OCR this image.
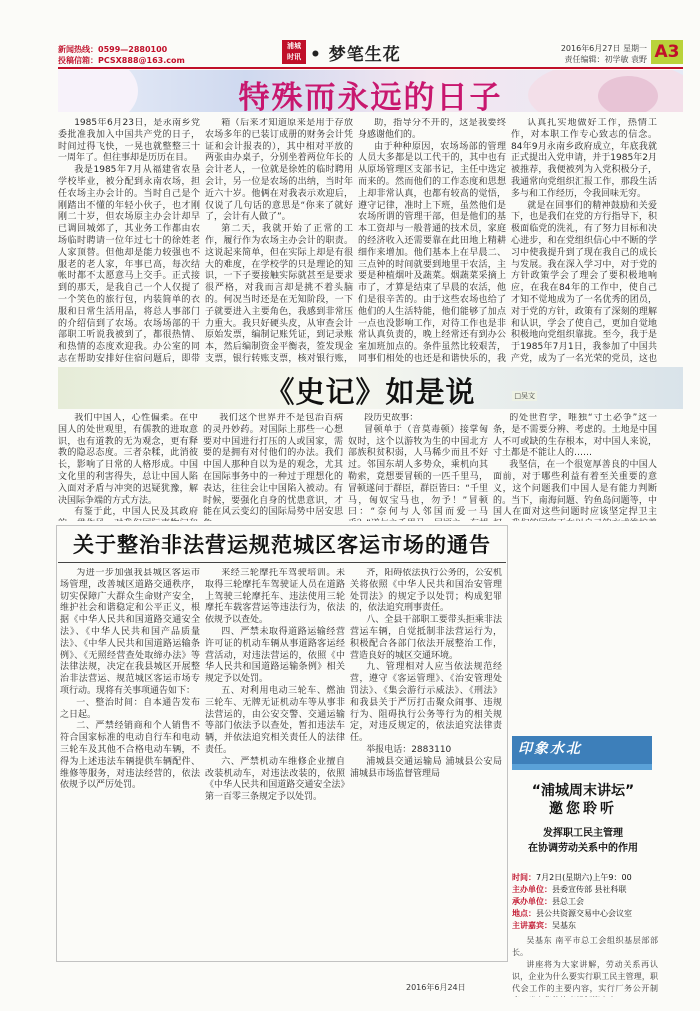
新闻热线：0599—2880100
投稿信箱：PCSX888@163.com
浦城
时讯 • 梦笔生花	2016年6月27日 星期一
责任编辑：初学敏 袁野 A3
特殊而永远的日子

1985年6月23日，是永南乡党委批准我加入中国共产党的日子，时间过得飞快，一晃也就整整三十一周年了。但往事却是历历在目。

我是1985年7月从福建省农垦学校毕业，被分配到永南农场，担任农场主办会计的。当时自己是个刚踏出不懂的年轻小伙子，也才刚刚二十岁，但农场原主办会计却早已调回城郊了，其业务工作都由农场临时聘请一位年过七十的徐姓老人家顶替。但他却是能力较强也不服老的老人家，年事已高，每次结帐时都不太愿意马上交手。正式接到的那天，是我自己一个人仅提了一个笑色的旅行包，内装简单的衣服和日常生活用品，将总人事部门的介绍信到了农场。农场场部的干部职工听说我被到了，都很热情、和热情的态度欢迎我。办公室的同志在帮助安排好住宿问题后，即带

箱（后来才知道原来是用于存放农场多年的已装订成册的财务会计凭证和会计报表的），其中相对平放的两张由办桌子，分别坐着两位年长的会计老人，一位就是徐姓的临时聘用会计，另一位是农场的出纳，当时年近六十岁。他俩在对我表示欢迎后，仅说了几句话的意思是“你来了就好了，会计有人做了”。

第二天，我就开始了正常的工作，履行作为农场主办会计的职责。这说起来简单，但在实际上却是有很大的难度，在学校学的只是理论的知识，一下子要接触实际就甚至是要求很严格，对我而言却是挑不着头脑的。何况当时还是在无知阶段，一下子就要进入主要角色，我感到非常压力重大。我只好硬头皮，从审查会计原始发票，编制记账凭证，到记录账本，然后编制资金平衡表，签发现金支票，银行转账支票，核对银行账，

助，指导分不开的，这是我要终身感谢他们的。

由于种种原因，农场场部的管理人员大多都是以工代干的，其中也有从原场管理区支部书记，主任中选定而来的。然而他们的工作态度和思想上却非常认真，也都有较高的觉悟，遵守记律，准时上下班，虽然他们是农场所谓的管理干部，但是他们的基本工资却与一般普通的技术员，家庭的经济收入还需要靠在此田地上精耕细作来增加。他们基本上在早晨二、三点钟的时间就要到地里干农活，主要是种植烟叶及蔬菜。烟蔬菜采摘上市了，才算是结束了早晨的农活，他们是很辛苦的。由于这些农场也给了他们的人生活特能，他们能够了加点一点也没影响工作，对待工作也是非常认真负责的，晚上经常还有到办公室加班加点的。条件虽然比较艰苦，同事们相处的也还是和谐快乐的，我

认真扎实地做好工作，热情工作，对本职工作专心致志的信念。84年9月永南乡政府成立，年底我就正式提出入党申请，并于1985年2月被推荐，我便被列为入党积极分子，我通常向党组织汇报工作，那段生活多与和工作经历，令我回味无穷。

就是在回事们的精神鼓励和关爱下，也是我们在党的方行指导下，积极面临党的洗礼，有了努力目标和决心进步，和在党组织信心中不断的学习中使我提升到了现在我自己的成长与发展。我在深入学习中，对于党的方针政策学会了理会了要积极地响应，在我在84年的工作中，使自己才知不觉地成为了一名优秀的团员，对于党的方针，政策有了深刻的理解和认识，学会了使自己，更加自觉地积极地向党组织靠拢。至今，我于是于1985年7月1日，我参加了中国共产党，成为了一名光荣的党员，这也

《史记》如是说	□吴文

我们中国人，心性偏柔。在中国人的处世观里，有儒教的进取意识，也有道教的无为观念，更有释教的隐忍态度。三者杂糅，此消彼长，影响了日常的人格形成。中国文化里的利害得失，总让中国人陷入面对矛盾与冲突的迟疑犹豫，解决国际争端的方式方法。

有鉴于此，中国人民及其政府

我们这个世界并不是包治百病的灵丹妙药。对国际上那些一心想要对中国进行打压的人或国家，需要的是拥有对付他们的办法。我们中国人那种自以为是的观念，尤其在国际事务中的一种过于理想化的表达，往往会让中国陷入被动。有时候，要强化自身的忧患意识，才能在风云变幻的国际局势中居安思

段历史故事：

冒顿单于（音莫毒顿）接掌匈奴时，这个以游牧为生的中国北方部族积贫积弱，人马稀少而且不好过。邻国东胡人多势众，乘机向其勒索，竟想要冒顿的一匹千里马，冒顿遂问于群臣，群臣皆曰：“千里马，匈奴宝马也，勿予！”冒顿曰：“奈何与人邻国而爱一马

的处世哲学，唯独“寸土必争”这一条，是不需要分辨、考虑的。土地是中国人不可或缺的生存根本，对中国人来说，寸土都是不能让人的……

我坚信，在一个很宽厚善良的中国人面前，对于哪些利益有着至关重要的意义，这个问题我们中国人是有能力判断的。当下，南海问题、钓鱼岛问题等，中国人在面对这些问题时应该坚定捍卫主

关于整治非法营运规范城区客运市场的通告

为进一步加强我县城区客运市场管理，改善城区道路交通秩序，切实保障广大群众生命财产安全，维护社会和谐稳定和公平正义，根据《中华人民共和国道路交通安全法》、《中华人民共和国产品质量法》、《中华人民共和国道路运输条例》、《无照经营查处取缔办法》等法律法规，决定在我县城区开展整治非法营运、规范城区客运市场专项行动。现将有关事项通告如下：

一、整治时间：自本通告发布之日起。

二、严禁经销商和个人销售不符合国家标准的电动自行车和电动三轮车及其他不合格电动车辆，不得为上述违法车辆提供车辆配件、维修等服务，对违法经营的，依法依规予以严厉处罚。

来经三轮摩托车驾驶培训。未取得三轮摩托车驾驶证人员在道路上驾驶三轮摩托车、违法使用三轮摩托车载客营运等违法行为，依法依规予以查处。

四、严禁未取得道路运输经营许可证的机动车辆从事道路客运经营活动，对违法营运的，依照《中华人民共和国道路运输条例》相关规定予以处罚。

五、对利用电动三轮车、燃油三轮车、无牌无证机动车等从事非法营运的，由公安交警、交通运输等部门依法予以查处，暂扣违法车辆，并依法追究相关责任人的法律责任。

六、严禁机动车维修企业擅自改装机动车，对违法改装的，依照《中华人民共和国道路交通安全法》第一百零三条规定予以处罚。

齐，阳碍依法执行公务的，公安机关将依照《中华人民共和国治安管理处罚法》的规定予以处罚；构成犯罪的，依法追究刑事责任。

八、全县干部职工要带头拒乘非法营运车辆，自觉抵制非法营运行为，积极配合各部门依法开展整治工作，营造良好的城区交通环境。

九、管理相对人应当依法规范经营，遵守《客运管理》、《治安管理处罚法》、《集会游行示威法》、《刑法》和我县关于严厉打击聚众闹事、违规行为、阻碍执行公务等行为的相关规定，对违反规定的，依法追究法律责任。

举报电话：2883110

浦城县交通运输局 浦城县公安局 浦城县市场监督管理局

2016年6月24日
印象水北
“浦城周末讲坛”
邀您聆听
发挥职工民主管理
在协调劳动关系中的作用
时间：7月2日(星期六)上午9：00
主办单位：县委宣传部 县社科联
承办单位：县总工会
地点：县公共资源交易中心会议室
主讲嘉宾：吴基东

吴基东 南平市总工会组织基层部部长。

讲座将为大家讲解，劳动关系再认识，企业为什么要实行职工民主管理，职代会工作的主要内容，实行厂务公开制
